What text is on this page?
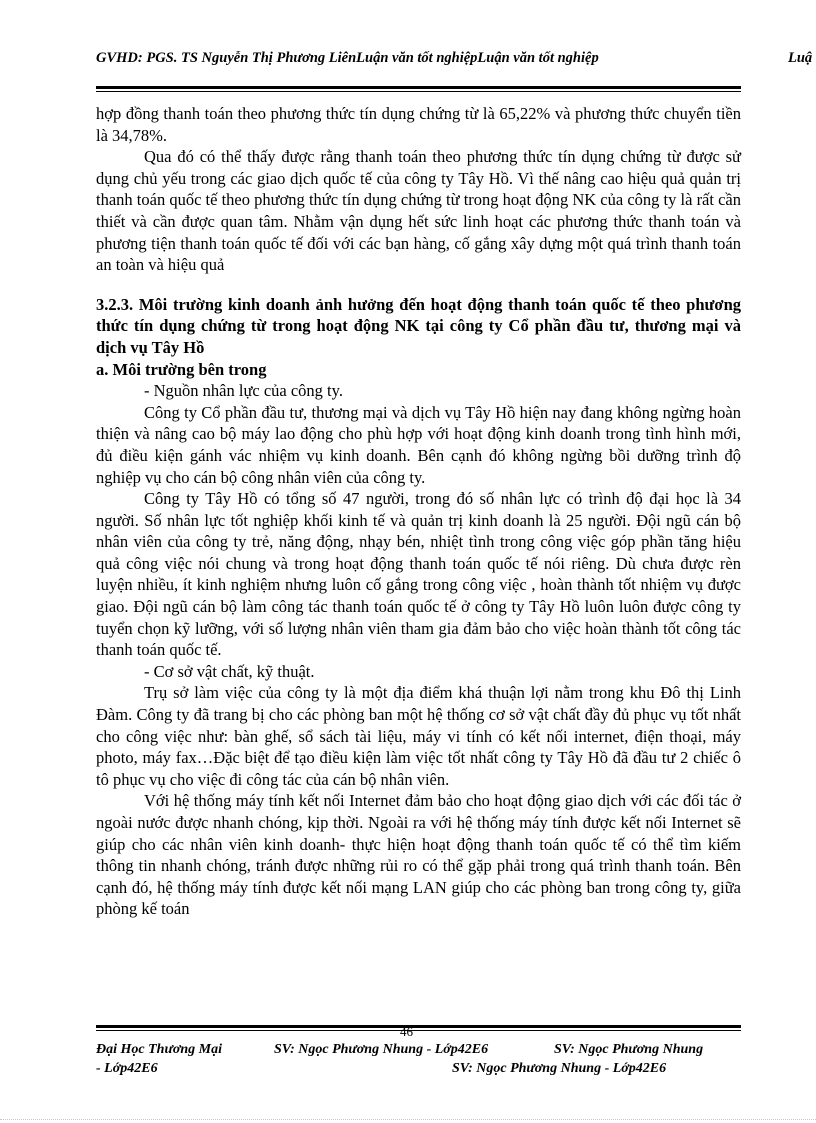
GVHD: PGS. TS Nguyễn Thị Phương LiênLuận văn tốt nghiệpLuận văn tốt nghiệp	Luậ

hợp đồng thanh toán theo phương thức tín dụng chứng từ là 65,22% và phương thức chuyển tiền là 34,78%.

Qua đó có thể thấy được rằng thanh toán theo phương thức tín dụng chứng từ được sử dụng chủ yếu trong các giao dịch quốc tế của công ty Tây Hồ. Vì thế nâng cao hiệu quả quản trị thanh toán quốc tế theo phương thức tín dụng chứng từ trong hoạt động NK của công ty là rất cần thiết và cần được quan tâm. Nhằm vận dụng hết sức linh hoạt các phương thức thanh toán và phương tiện thanh toán quốc tế đối với các bạn hàng, cố gắng xây dựng một quá trình thanh toán an toàn và hiệu quả

3.2.3. Môi trường kinh doanh ảnh hưởng đến hoạt động thanh toán quốc tế theo phương thức tín dụng chứng từ trong hoạt động NK tại công ty Cổ phần đầu tư, thương mại và dịch vụ Tây Hồ
a. Môi trường bên trong

- Nguồn nhân lực của công ty.

Công ty Cổ phần đầu tư, thương mại và dịch vụ Tây Hồ hiện nay đang không ngừng hoàn thiện và nâng cao bộ máy lao động cho phù hợp với hoạt động kinh doanh trong tình hình mới, đủ điều kiện gánh vác nhiệm vụ kinh doanh. Bên cạnh đó không ngừng bồi dưỡng trình độ nghiệp vụ cho cán bộ công nhân viên của công ty.

Công ty Tây Hồ có tổng số 47 người, trong đó số nhân lực có trình độ đại học là 34 người. Số nhân lực tốt nghiệp khối kinh tế và quản trị kinh doanh là 25 người. Đội ngũ cán bộ nhân viên của công ty trẻ, năng động, nhạy bén, nhiệt tình trong công việc góp phần tăng hiệu quả công việc nói chung và trong hoạt động thanh toán quốc tế nói riêng. Dù chưa được rèn luyện nhiều, ít kinh nghiệm nhưng luôn cố gắng trong công việc , hoàn thành tốt nhiệm vụ được giao. Đội ngũ cán bộ làm công tác thanh toán quốc tế ở công ty Tây Hồ luôn luôn được công ty tuyển chọn kỹ lưỡng, với số lượng nhân viên tham gia đảm bảo cho việc hoàn thành tốt công tác thanh toán quốc tế.

- Cơ sở vật chất, kỹ thuật.

Trụ sở làm việc của công ty là một địa điểm khá thuận lợi nằm trong khu Đô thị Linh Đàm. Công ty đã trang bị cho các phòng ban một hệ thống cơ sở vật chất đầy đủ phục vụ tốt nhất cho công việc như: bàn ghế, sổ sách tài liệu, máy vi tính có kết nối internet, điện thoại, máy photo, máy fax…Đặc biệt để tạo điều kiện làm việc tốt nhất công ty Tây Hồ đã đầu tư 2 chiếc ô tô phục vụ cho việc đi công tác của cán bộ nhân viên.

Với hệ thống máy tính kết nối Internet đảm bảo cho hoạt động giao dịch với các đối tác ở ngoài nước được nhanh chóng, kịp thời. Ngoài ra với hệ thống máy tính được kết nối Internet sẽ giúp cho các nhân viên kinh doanh- thực hiện hoạt động thanh toán quốc tế có thể tìm kiếm thông tin nhanh chóng, tránh được những rủi ro có thể gặp phải trong quá trình thanh toán. Bên cạnh đó, hệ thống máy tính được kết nối mạng LAN giúp cho các phòng ban trong công ty, giữa phòng kế toán

46
Đại Học Thương Mại	SV: Ngọc Phương Nhung - Lớp42E6	SV: Ngọc Phương Nhung
- Lớp42E6	SV: Ngọc Phương Nhung - Lớp42E6
